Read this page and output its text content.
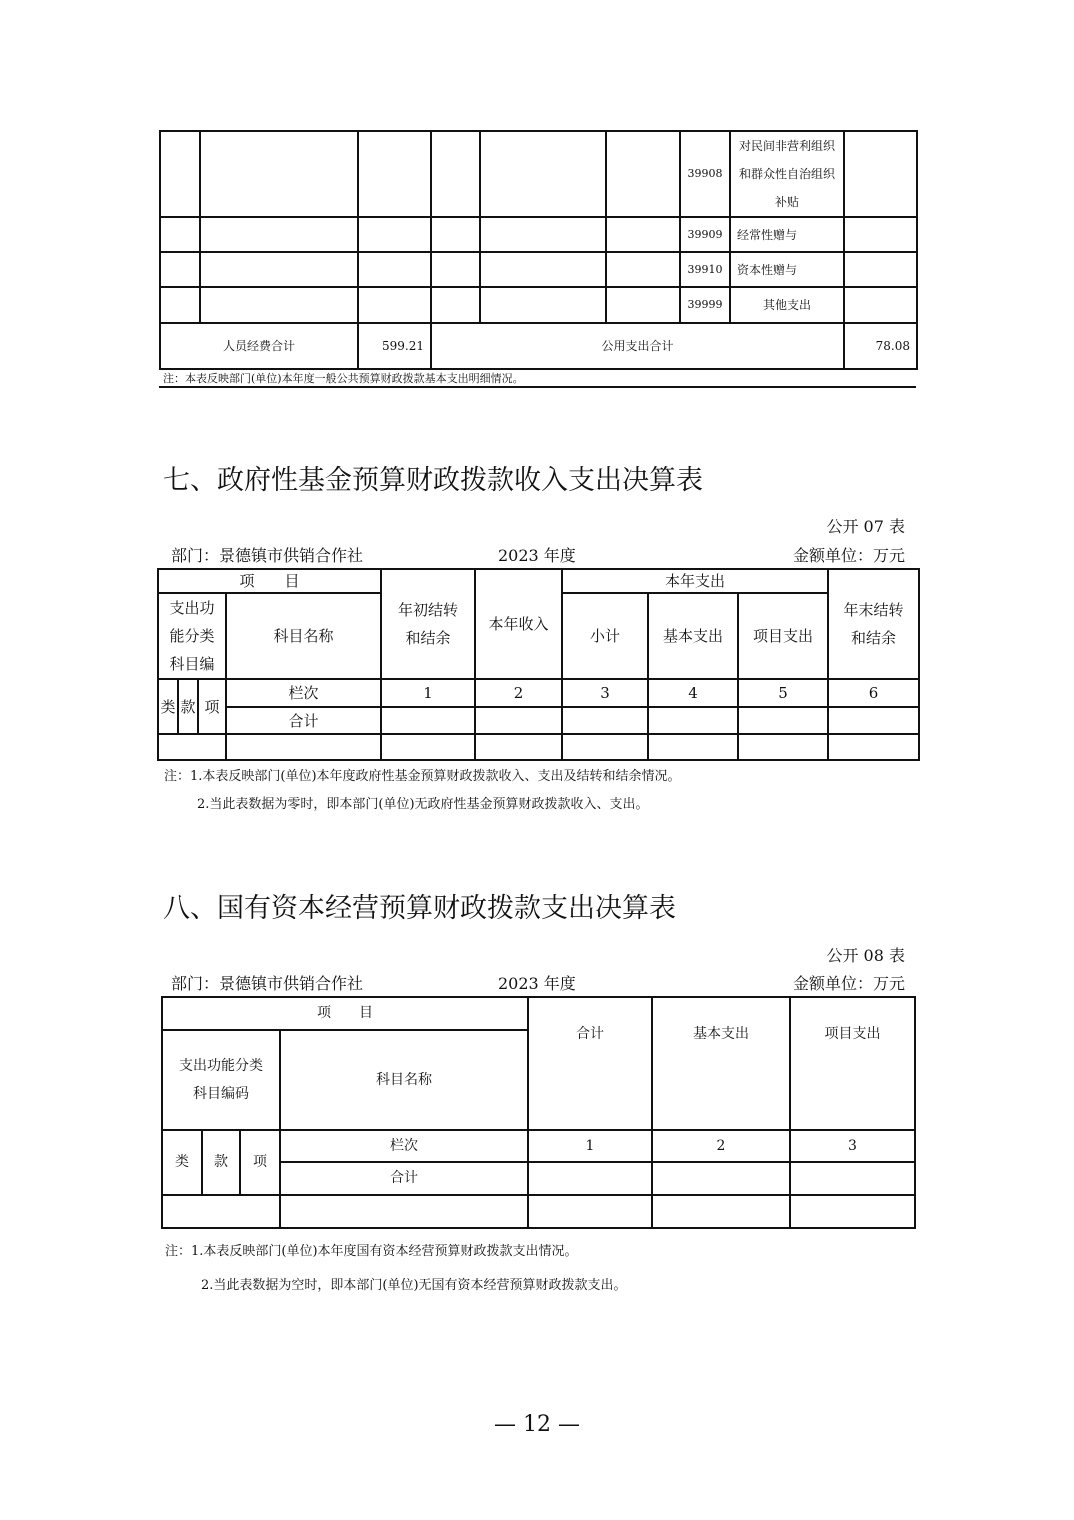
						39908	对民间非营利组织和群众性自治组织补贴	
						39909	经常性赠与	
						39910	资本性赠与	
						39999	其他支出	
人员经费合计		599.21	公用支出合计					78.08
注：本表反映部门(单位)本年度一般公共预算财政拨款基本支出明细情况。
七、政府性基金预算财政拨款收入支出决算表
公开 07 表
部门：景德镇市供销合作社	2023 年度	金额单位：万元
项　　目				年初结转和结余	本年收入	本年支出			年末结转和结余
支出功能分类科目编			科目名称			小计	基本支出	项目支出	
类	款	项	栏次	1	2	3	4	5	6
			合计						

注：1.本表反映部门(单位)本年度政府性基金预算财政拨款收入、支出及结转和结余情况。
2.当此表数据为零时，即本部门(单位)无政府性基金预算财政拨款收入、支出。
八、国有资本经营预算财政拨款支出决算表
公开 08 表
部门：景德镇市供销合作社	2023 年度	金额单位：万元
项　　目				合计	基本支出	项目支出
支出功能分类科目编码			科目名称			
类	款	项	栏次	1	2	3
			合计			

注：1.本表反映部门(单位)本年度国有资本经营预算财政拨款支出情况。
2.当此表数据为空时，即本部门(单位)无国有资本经营预算财政拨款支出。
— 12 —
